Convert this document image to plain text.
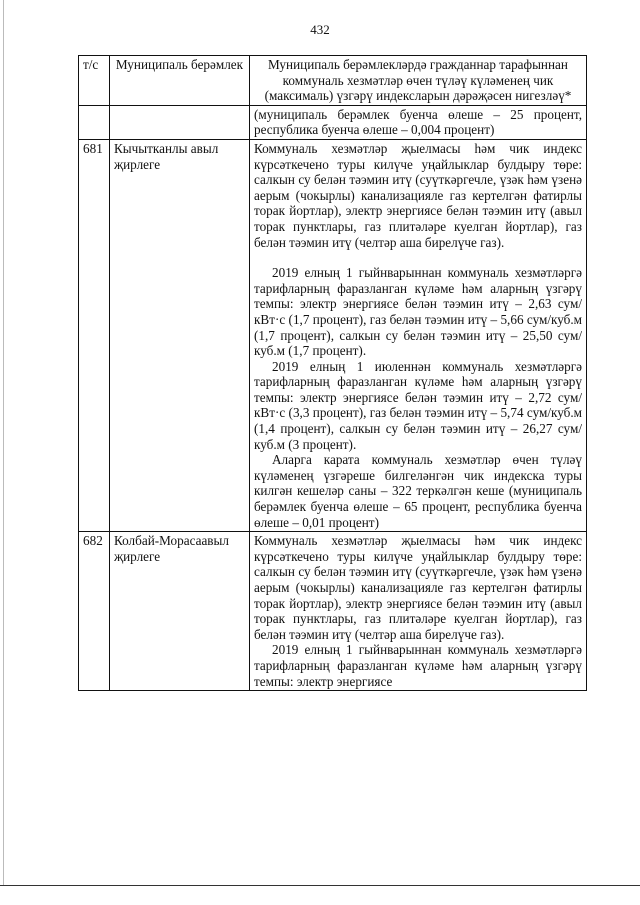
432
т/с	Муниципаль берәмлек	Муниципаль берәмлекләрдә гражданнар тарафыннан коммуналь хезмәтләр өчен түләү күләменең чик (максималь) үзгәрү индексларын дәрәҗәсен нигезләү*
		(муниципаль берәмлек буенча өлеше – 25 процент, республика буенча өлеше – 0,004 процент)
681	Кычытканлы авыл җирлеге	Коммуналь хезмәтләр җыелмасы һәм чик индекс күрсәткечено туры килүче уңайлыклар булдыру төре: салкын су белән тәэмин итү (суүткәргечле, үзәк һәм үзенә аерым (чокырлы) канализацияле газ кертелгән фатирлы торак йортлар), электр энергиясе белән тәэмин итү (авыл торак пунктлары, газ плитәләре куелган йортлар), газ белән тәэмин итү (челтәр аша бирелүче газ).

2019 елның 1 гыйнварыннан коммуналь хезмәтләргә тарифларның фаразланган күләме һәм аларның үзгәрү темпы: электр энергиясе белән тәэмин итү – 2,63 сум/кВт·с (1,7 процент), газ белән тәэмин итү – 5,66 сум/куб.м (1,7 процент), салкын су белән тәэмин итү – 25,50 сум/куб.м (1,7 процент).

2019 елның 1 июленнән коммуналь хезмәтләргә тарифларның фаразланган күләме һәм аларның үзгәрү темпы: электр энергиясе белән тәэмин итү – 2,72 сум/кВт·с (3,3 процент), газ белән тәэмин итү – 5,74 сум/куб.м (1,4 процент), салкын су белән тәэмин итү – 26,27 сум/куб.м (3 процент).

Аларга карата коммуналь хезмәтләр өчен түләү күләменең үзгәреше билгеләнгән чик индекска туры килгән кешеләр саны – 322 теркәлгән кеше (муниципаль берәмлек буенча өлеше – 65 процент, республика буенча өлеше – 0,01 процент)

682	Колбай-Морасаавыл җирлеге	Коммуналь хезмәтләр җыелмасы һәм чик индекс күрсәткечено туры килүче уңайлыклар булдыру төре: салкын су белән тәэмин итү (суүткәргечле, үзәк һәм үзенә аерым (чокырлы) канализацияле газ кертелгән фатирлы торак йортлар), электр энергиясе белән тәэмин итү (авыл торак пунктлары, газ плитәләре куелган йортлар), газ белән тәэмин итү (челтәр аша бирелүче газ).

2019 елның 1 гыйнварыннан коммуналь хезмәтләргә тарифларның фаразланган күләме һәм аларның үзгәрү темпы: электр энергиясе
